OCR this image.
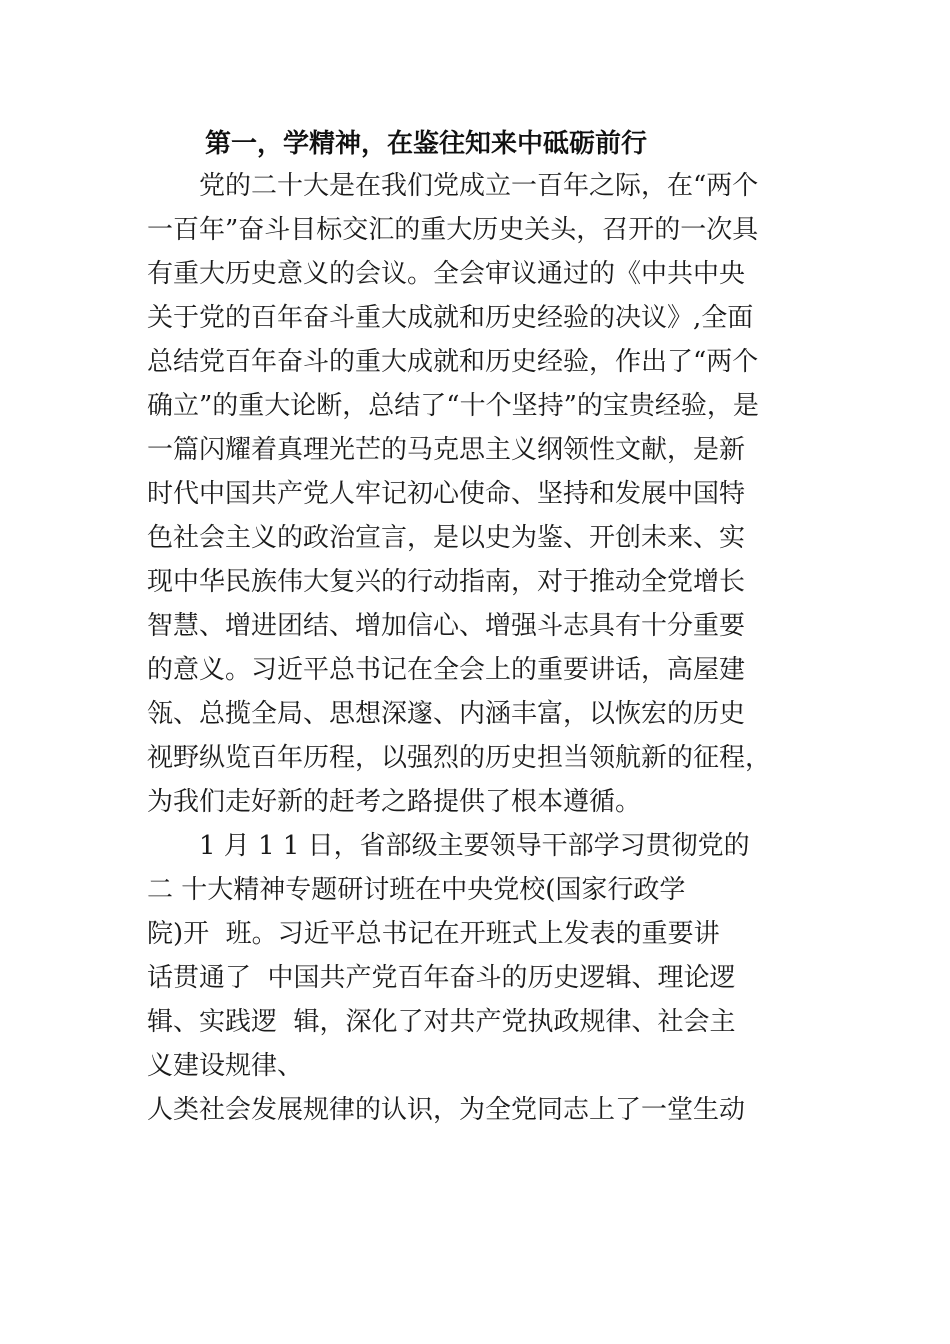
第一，学精神，在鉴往知来中砥砺前行
　　党的二十大是在我们党成立一百年之际，在“两个
一百年”奋斗目标交汇的重大历史关头，召开的一次具
有重大历史意义的会议。全会审议通过的《中共中央
关于党的百年奋斗重大成就和历史经验的决议》,全面
总结党百年奋斗的重大成就和历史经验，作出了“两个
确立”的重大论断，总结了“十个坚持”的宝贵经验，是
一篇闪耀着真理光芒的马克思主义纲领性文献，是新
时代中国共产党人牢记初心使命、坚持和发展中国特
色社会主义的政治宣言，是以史为鉴、开创未来、实
现中华民族伟大复兴的行动指南，对于推动全党增长
智慧、增进团结、增加信心、增强斗志具有十分重要
的意义。习近平总书记在全会上的重要讲话，高屋建
瓴、总揽全局、思想深邃、内涵丰富，以恢宏的历史
视野纵览百年历程，以强烈的历史担当领航新的征程，
为我们走好新的赶考之路提供了根本遵循。
　　1 月 1 1 日，省部级主要领导干部学习贯彻党的
二 十大精神专题研讨班在中央党校(国家行政学
院)开  班。习近平总书记在开班式上发表的重要讲
话贯通了  中国共产党百年奋斗的历史逻辑、理论逻
辑、实践逻  辑，深化了对共产党执政规律、社会主
义建设规律、
人类社会发展规律的认识，为全党同志上了一堂生动
